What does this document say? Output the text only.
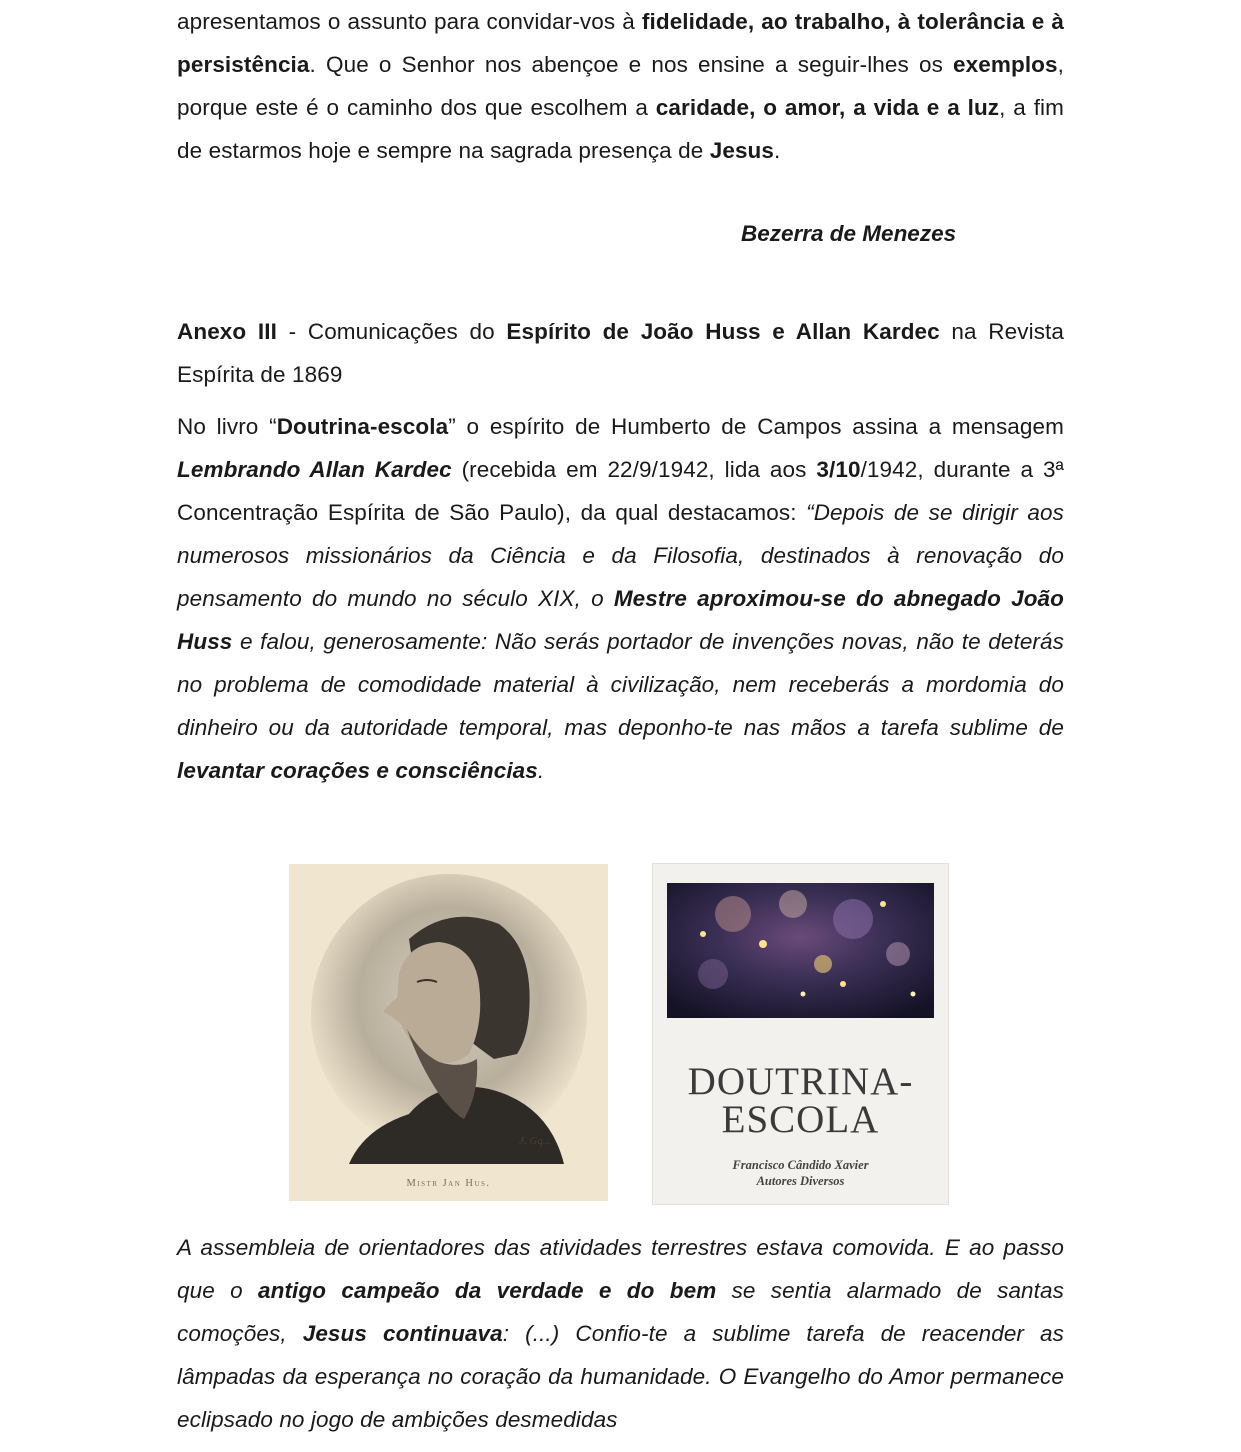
apresentamos o assunto para convidar-vos à fidelidade, ao trabalho, à tolerância e à persistência. Que o Senhor nos abençoe e nos ensine a seguir-lhes os exemplos, porque este é o caminho dos que escolhem a caridade, o amor, a vida e a luz, a fim de estarmos hoje e sempre na sagrada presença de Jesus.

Anexo III - Comunicações do Espírito de João Huss e Allan Kardec na Revista Espírita de 1869

No livro “Doutrina-escola” o espírito de Humberto de Campos assina a mensagem Lembrando Allan Kardec (recebida em 22/9/1942, lida aos 3/10/1942, durante a 3ª Concentração Espírita de São Paulo), da qual destacamos: “Depois de se dirigir aos numerosos missionários da Ciência e da Filosofia, destinados à renovação do pensamento do mundo no século XIX, o Mestre aproximou-se do abnegado João Huss e falou, generosamente: Não serás portador de invenções novas, não te deterás no problema de comodidade material à civilização, nem receberás a mordomia do dinheiro ou da autoridade temporal, mas deponho-te nas mãos a tarefa sublime de levantar corações e consciências.

A assembleia de orientadores das atividades terrestres estava comovida. E ao passo que o antigo campeão da verdade e do bem se sentia alarmado de santas comoções, Jesus continuava: (...) Confio-te a sublime tarefa de reacender as lâmpadas da esperança no coração da humanidade. O Evangelho do Amor permanece eclipsado no jogo de ambições desmedidas

Bezerra de Menezes
J. Gq...
Mistr Jan Hus.
DOUTRINA-
ESCOLA
Francisco Cândido Xavier
Autores Diversos
